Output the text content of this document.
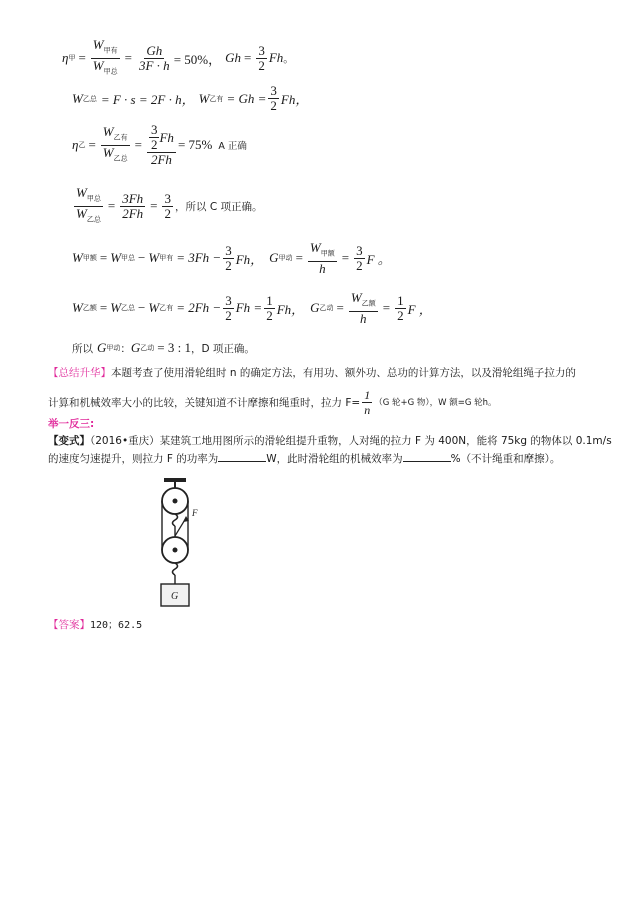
η 甲 = $\frac{W_{甲有}}{W_{甲总}} = \frac{Gh}{3F \cdot h} = 50\%$， $Gh = \frac{3}{2}$ Fh 。
W 乙总 = F · s = 2F · h， W 乙有 = $Gh = \frac{3}{2}$ Fh，
η 乙 = $\frac{W_{乙有}}{W_{乙总}} = \frac{\frac{3}{2} Fh}{2Fh} = 75\%$ A 正确
$\frac{W_{甲总}}{W_{乙总}} = \frac{3Fh}{2Fh} = \frac{3}{2}$ ，所以 C 项正确。
W 甲额 = W 甲总 − W 甲有 = $3Fh - \frac{3}{2}$ Fh， G 甲动 = $\frac{W_{甲额}}{h} = \frac{3}{2}$ F 。
W 乙额 = W 乙总 − W 乙有 = $2Fh - \frac{3}{2}$ $Fh = \frac{1}{2}$ Fh， G 乙动 = $\frac{W_{乙额}}{h} = \frac{1}{2}$ F ，
所以 G 甲动 ： G 乙动 = 3 : 1 ，D 项正确。
【总结升华】本题考查了使用滑轮组时 n 的确定方法，有用功、额外功、总功的计算方法，以及滑轮组绳子拉力的
计算和机械效率大小的比较，关键知道不计摩擦和绳重时，拉力 $F= \frac{1}{n} (G$ 轮+G 物），W 额=G 轮h。
举一反三:
【变式】（2016•重庆）某建筑工地用图所示的滑轮组提升重物，人对绳的拉力 F 为 400N，能将 75kg 的物体以 0.1m/s
的速度匀速提升，则拉力 F 的功率为	W，此时滑轮组的机械效率为	%（不计绳重和摩擦）。
F
G
【答案】120；62.5
